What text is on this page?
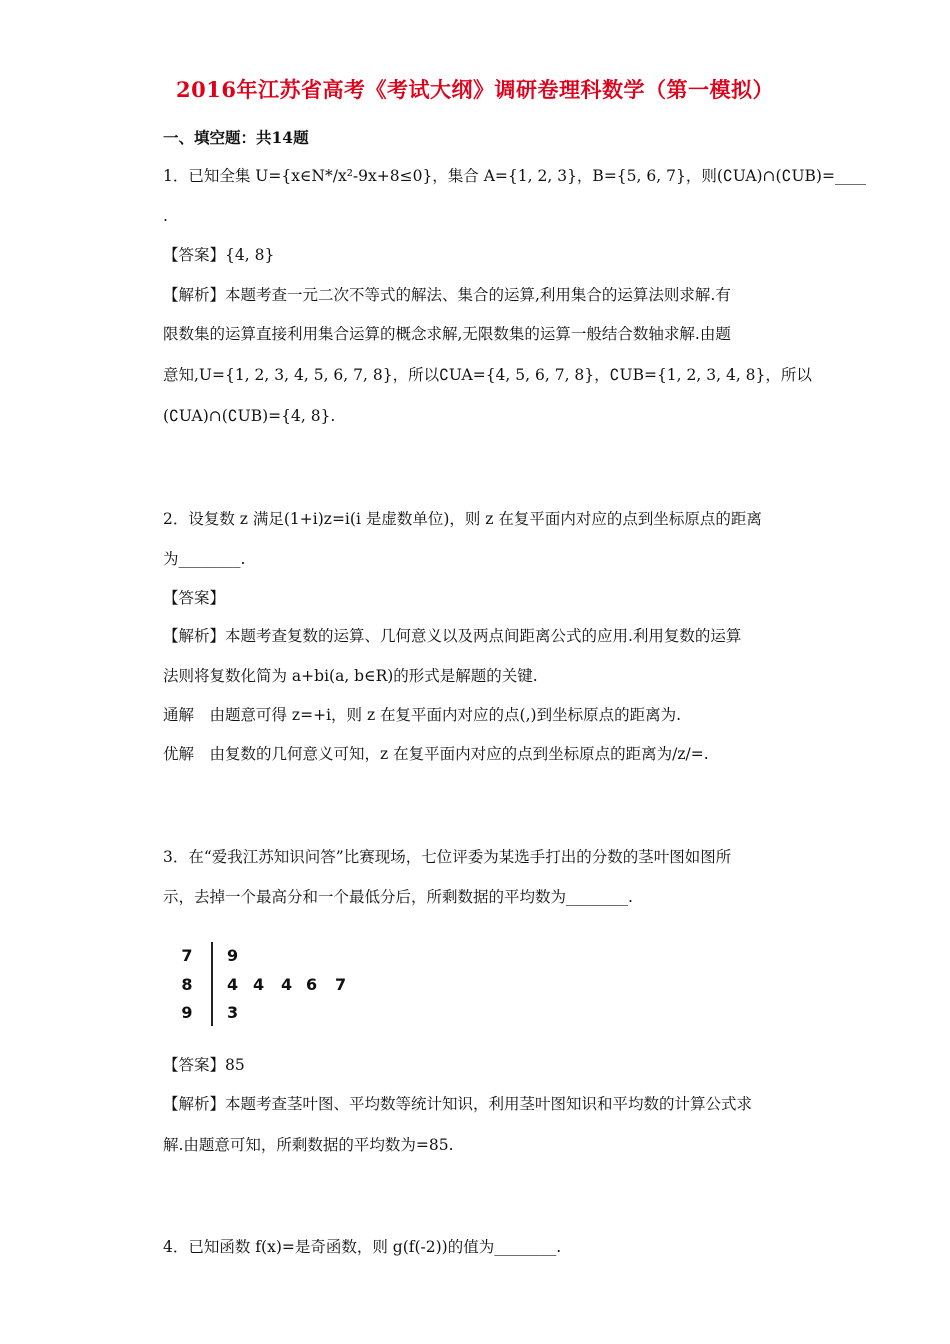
2016年江苏省高考《考试大纲》调研卷理科数学（第一模拟）
一、填空题：共14题
1．已知全集 U={x∈N*/x²-9x+8≤0}，集合 A={1, 2, 3}，B={5, 6, 7}，则(∁UA)∩(∁UB)=____
.
【答案】{4, 8}
【解析】本题考查一元二次不等式的解法、集合的运算,利用集合的运算法则求解.有
限数集的运算直接利用集合运算的概念求解,无限数集的运算一般结合数轴求解.由题
意知,U={1, 2, 3, 4, 5, 6, 7, 8}，所以∁UA={4, 5, 6, 7, 8}，∁UB={1, 2, 3, 4, 8}，所以
(∁UA)∩(∁UB)={4, 8}.
2．设复数 z 满足(1+i)z=i(i 是虚数单位)，则 z 在复平面内对应的点到坐标原点的距离
为________.
【答案】
【解析】本题考查复数的运算、几何意义以及两点间距离公式的应用.利用复数的运算
法则将复数化简为 a+bi(a, b∈R)的形式是解题的关键.
通解　由题意可得 z=+i，则 z 在复平面内对应的点(,)到坐标原点的距离为.
优解　由复数的几何意义可知，z 在复平面内对应的点到坐标原点的距离为/z/=.
3．在“爱我江苏知识问答”比赛现场，七位评委为某选手打出的分数的茎叶图如图所
示，去掉一个最高分和一个最低分后，所剩数据的平均数为________.
7
8
9
9
4 4 4 6 7
3
【答案】85
【解析】本题考查茎叶图、平均数等统计知识，利用茎叶图知识和平均数的计算公式求
解.由题意可知，所剩数据的平均数为=85.
4．已知函数 f(x)=是奇函数，则 g(f(-2))的值为________.
